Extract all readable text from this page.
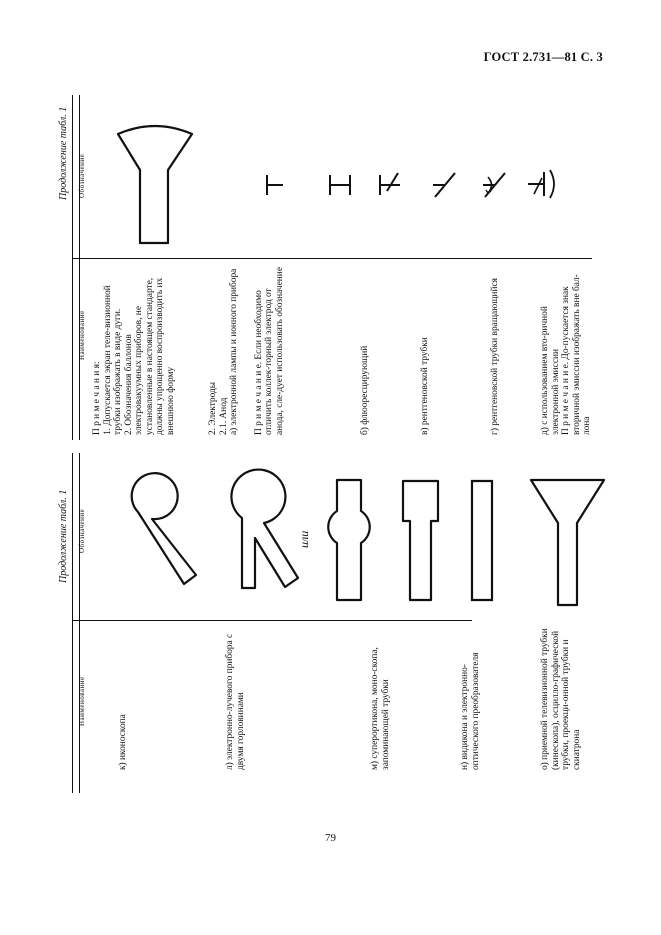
ГОСТ 2.731—81 С. 3
Продолжение табл. 1
Наименование
Обозначение
к) иконоскопа	л) электронно-лучевого прибора с двумя горловинами	м) суперортикона, моно-скопа, запоминающей трубки	н) видикона и электронно-оптического преобразователя	о) приемной телевизионной трубки (кинескопа), осцилло-графической трубки, проекци-онной трубки и скиатрона
или
Продолжение табл. 1
Наименование
Обозначение
П р и м е ч а н и я: 1. Допускается экран теле-визионной трубки изображать в виде дуги. 2. Обозначения баллонов электровакуумных приборов, не установленные в настоящем стандарте, должны упрощенно воспроизводить их внешнюю форму	2. Электроды 2.1. Анод а) электронной лампы и ионного прибора П р и м е ч а н и е. Если необходимо отличить коллек-торный электрод от анода, сле-дует использовать обозначение	б) флюоресцирующий	в) рентгеновской трубки	г) рентгеновской трубки вращающийся	д) с использованием вто-ричной электронной эмиссии П р и м е ч а н и е. До-пускается знак вторичной эмиссии изображать вне бал-лона
79
